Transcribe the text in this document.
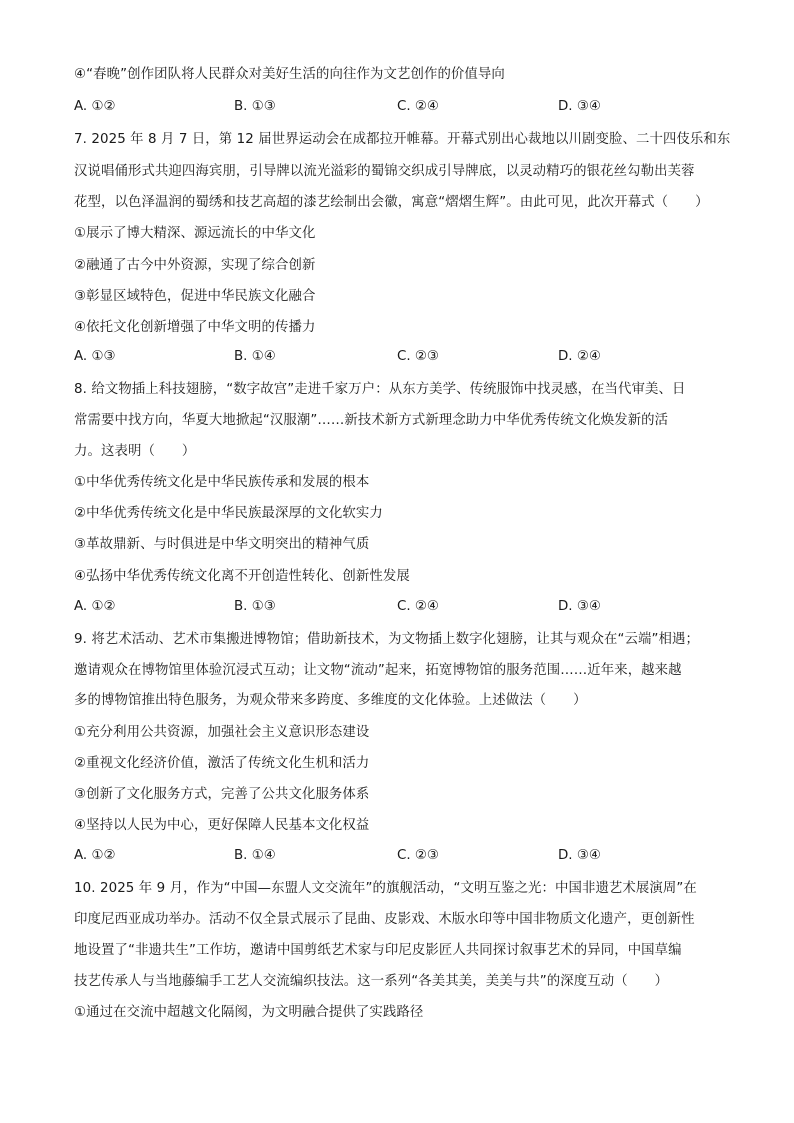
④“春晚”创作团队将人民群众对美好生活的向往作为文艺创作的价值导向
A. ①②	B. ①③	C. ②④	D. ③④
7. 2025 年 8 月 7 日，第 12 届世界运动会在成都拉开帷幕。开幕式别出心裁地以川剧变脸、二十四伎乐和东
汉说唱俑形式共迎四海宾朋，引导牌以流光溢彩的蜀锦交织成引导牌底，以灵动精巧的银花丝勾勒出芙蓉
花型，以色泽温润的蜀绣和技艺高超的漆艺绘制出会徽，寓意“熠熠生辉”。由此可见，此次开幕式（　　）
①展示了博大精深、源远流长的中华文化
②融通了古今中外资源，实现了综合创新
③彰显区域特色，促进中华民族文化融合
④依托文化创新增强了中华文明的传播力
A. ①③	B. ①④	C. ②③	D. ②④
8. 给文物插上科技翅膀，“数字故宫”走进千家万户：从东方美学、传统服饰中找灵感，在当代审美、日
常需要中找方向，华夏大地掀起“汉服潮”……新技术新方式新理念助力中华优秀传统文化焕发新的活
力。这表明（　　）
①中华优秀传统文化是中华民族传承和发展的根本
②中华优秀传统文化是中华民族最深厚的文化软实力
③革故鼎新、与时俱进是中华文明突出的精神气质
④弘扬中华优秀传统文化离不开创造性转化、创新性发展
A. ①②	B. ①③	C. ②④	D. ③④
9. 将艺术活动、艺术市集搬进博物馆；借助新技术，为文物插上数字化翅膀，让其与观众在“云端”相遇；
邀请观众在博物馆里体验沉浸式互动；让文物“流动”起来，拓宽博物馆的服务范围……近年来，越来越
多的博物馆推出特色服务，为观众带来多跨度、多维度的文化体验。上述做法（　　）
①充分利用公共资源，加强社会主义意识形态建设
②重视文化经济价值，激活了传统文化生机和活力
③创新了文化服务方式，完善了公共文化服务体系
④坚持以人民为中心，更好保障人民基本文化权益
A. ①②	B. ①④	C. ②③	D. ③④
10. 2025 年 9 月，作为“中国—东盟人文交流年”的旗舰活动，“文明互鉴之光：中国非遗艺术展演周”在
印度尼西亚成功举办。活动不仅全景式展示了昆曲、皮影戏、木版水印等中国非物质文化遗产，更创新性
地设置了“非遗共生”工作坊，邀请中国剪纸艺术家与印尼皮影匠人共同探讨叙事艺术的异同，中国草编
技艺传承人与当地藤编手工艺人交流编织技法。这一系列“各美其美，美美与共”的深度互动（　　）
①通过在交流中超越文化隔阂，为文明融合提供了实践路径
